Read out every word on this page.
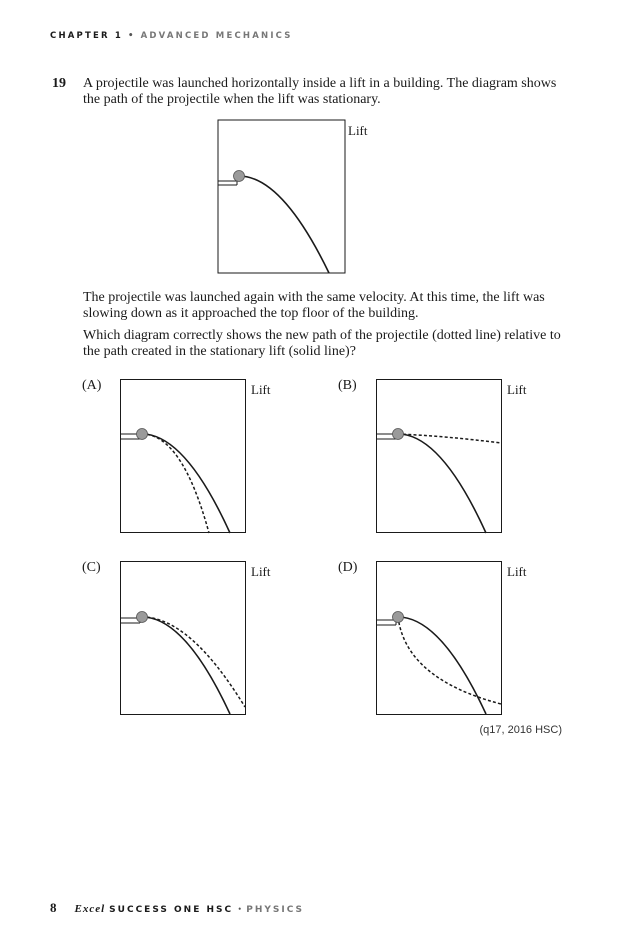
CHAPTER 1 • ADVANCED MECHANICS
19 A projectile was launched horizontally inside a lift in a building. The diagram shows the path of the projectile when the lift was stationary.

Lift

The projectile was launched again with the same velocity. At this time, the lift was slowing down as it approached the top floor of the building.

Which diagram correctly shows the new path of the projectile (dotted line) relative to the path created in the stationary lift (solid line)?

(A)	Lift	(B)	Lift
(C)	Lift	(D)	Lift
(q17, 2016 HSC)
8 Excel SUCCESS ONE HSC • PHYSICS
